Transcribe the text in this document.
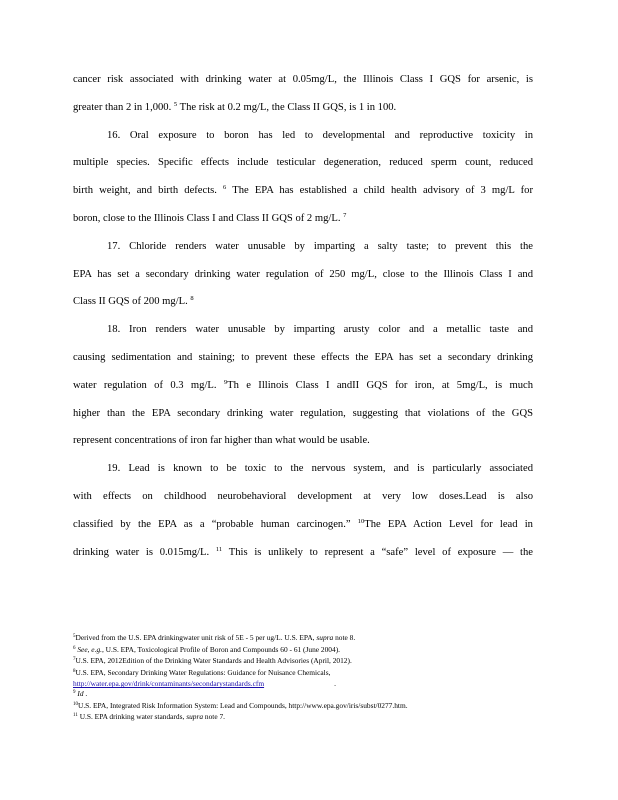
cancer risk associated with drinking water at 0.05mg/L, the Illinois Class I GQS for arsenic, is
greater than 2 in 1,000. $^5$ The risk at 0.2 mg/L, the Class II GQS, is 1 in 100.
16. Oral exposure to boron has led to developmental and reproductive toxicity in
multiple species. Specific effects include testicular degeneration, reduced sperm count, reduced
birth weight, and birth defects. $^6$ The EPA has established a child health advisory of 3 mg/L for
boron, close to the Illinois Class I and Class II GQS of 2 mg/L. $^7$
17. Chloride renders water unusable by imparting a salty taste; to prevent this the
EPA has set a secondary drinking water regulation of 250 mg/L, close to the Illinois Class I and
Class II GQS of 200 mg/L. $^8$
18. Iron renders water unusable by imparting arusty color and a metallic taste and
causing sedimentation and staining; to prevent these effects the EPA has set a secondary drinking
water regulation of 0.3 mg/L. $^9$Th e Illinois Class I andII GQS for iron, at 5mg/L, is much
higher than the EPA secondary drinking water regulation, suggesting that violations of the GQS
represent concentrations of iron far higher than what would be usable.
19. Lead is known to be toxic to the nervous system, and is particularly associated
with effects on childhood neurobehavioral development at very low doses.Lead is also
classified by the EPA as a “probable human carcinogen.” $^{10}$The EPA Action Level for lead in
drinking water is 0.015mg/L. $^{11}$ This is unlikely to represent a “safe” level of exposure — the
$^5$Derived from the U.S. EPA drinkingwater unit risk of 5E - 5 per ug/L. U.S. EPA, supra note 8.
$^6$ See, e.g., U.S. EPA, Toxicological Profile of Boron and Compounds 60 - 61 (June 2004).
$^7$U.S. EPA, 2012Edition of the Drinking Water Standards and Health Advisories (April, 2012).
$^8$U.S. EPA, Secondary Drinking Water Regulations: Guidance for Nuisance Chemicals,
http://water.epa.gov/drink/contaminants/secondarystandards.cfm	.
$^9$ Id .
$^{10}$U.S. EPA, Integrated Risk Information System: Lead and Compounds, http://www.epa.gov/iris/subst/0277.htm.
$^{11}$ U.S. EPA drinking water standards, supra note 7.
